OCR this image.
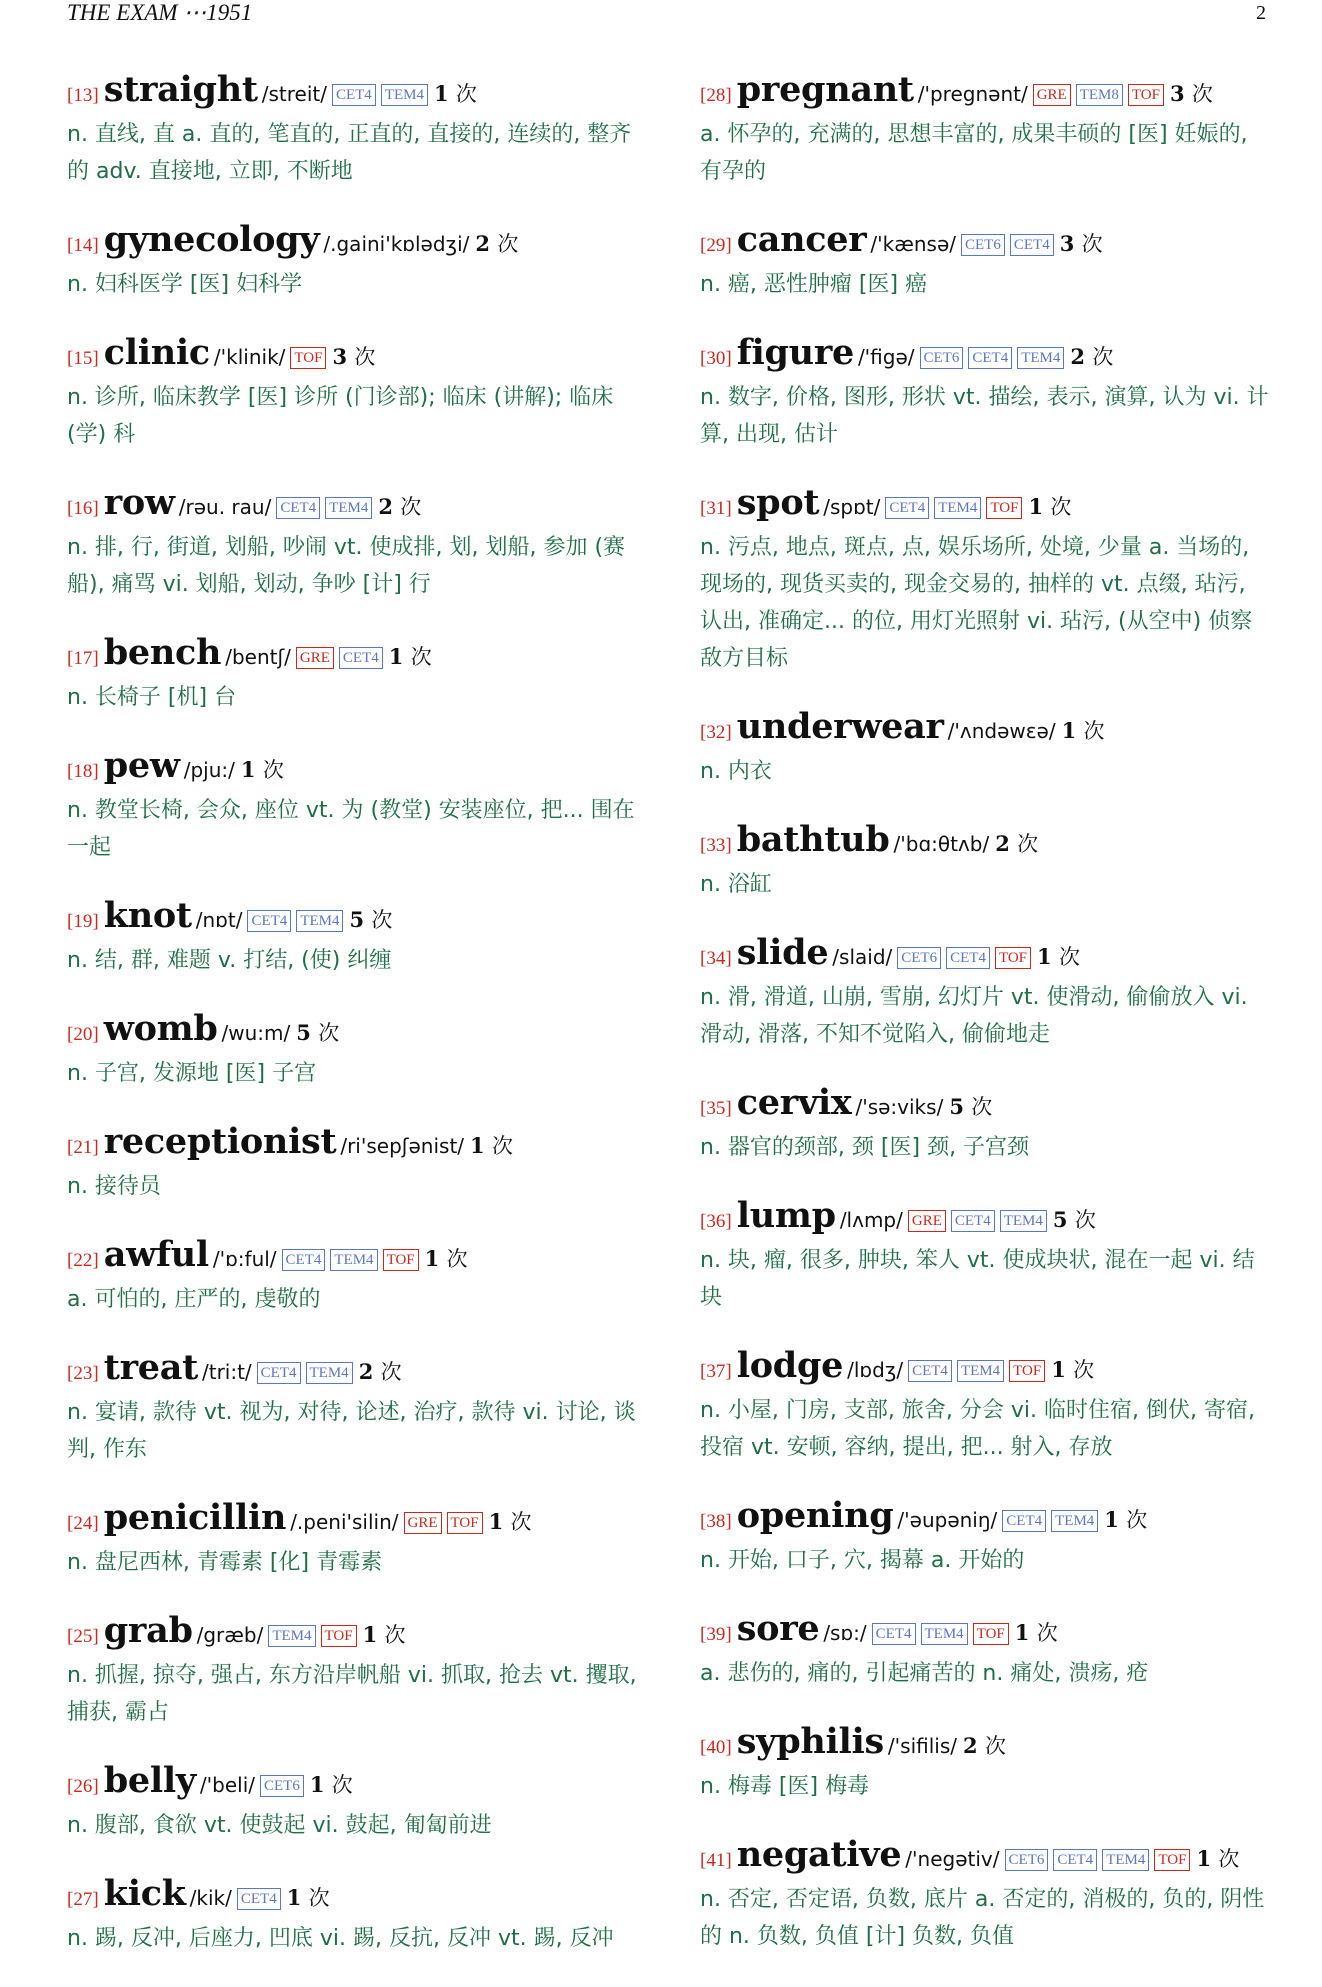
THE EXAM ⋯1951	2
[13] straight /streit/ CET4 TEM4 1 次
n. 直线, 直 a. 直的, 笔直的, 正直的, 直接的, 连续的, 整齐的 adv. 直接地, 立即, 不断地
[14] gynecology /.gaini'kɒlədʒi/ 2 次
n. 妇科医学 [医] 妇科学
[15] clinic /'klinik/ TOF 3 次
n. 诊所, 临床教学 [医] 诊所 (门诊部); 临床 (讲解); 临床 (学) 科
[16] row /rəu. rau/ CET4 TEM4 2 次
n. 排, 行, 街道, 划船, 吵闹 vt. 使成排, 划, 划船, 参加 (赛船), 痛骂 vi. 划船, 划动, 争吵 [计] 行
[17] bench /bentʃ/ GRE CET4 1 次
n. 长椅子 [机] 台
[18] pew /pju:/ 1 次
n. 教堂长椅, 会众, 座位 vt. 为 (教堂) 安装座位, 把... 围在一起
[19] knot /nɒt/ CET4 TEM4 5 次
n. 结, 群, 难题 v. 打结, (使) 纠缠
[20] womb /wu:m/ 5 次
n. 子宫, 发源地 [医] 子宫
[21] receptionist /ri'sepʃənist/ 1 次
n. 接待员
[22] awful /'ɒ:ful/ CET4 TEM4 TOF 1 次
a. 可怕的, 庄严的, 虔敬的
[23] treat /tri:t/ CET4 TEM4 2 次
n. 宴请, 款待 vt. 视为, 对待, 论述, 治疗, 款待 vi. 讨论, 谈判, 作东
[24] penicillin /.peni'silin/ GRE TOF 1 次
n. 盘尼西林, 青霉素 [化] 青霉素
[25] grab /græb/ TEM4 TOF 1 次
n. 抓握, 掠夺, 强占, 东方沿岸帆船 vi. 抓取, 抢去 vt. 攫取, 捕获, 霸占
[26] belly /'beli/ CET6 1 次
n. 腹部, 食欲 vt. 使鼓起 vi. 鼓起, 匍匐前进
[27] kick /kik/ CET4 1 次
n. 踢, 反冲, 后座力, 凹底 vi. 踢, 反抗, 反冲 vt. 踢, 反冲
[28] pregnant /'pregnənt/ GRE TEM8 TOF 3 次
a. 怀孕的, 充满的, 思想丰富的, 成果丰硕的 [医] 妊娠的, 有孕的
[29] cancer /'kænsə/ CET6 CET4 3 次
n. 癌, 恶性肿瘤 [医] 癌
[30] figure /'figə/ CET6 CET4 TEM4 2 次
n. 数字, 价格, 图形, 形状 vt. 描绘, 表示, 演算, 认为 vi. 计算, 出现, 估计
[31] spot /spɒt/ CET4 TEM4 TOF 1 次
n. 污点, 地点, 斑点, 点, 娱乐场所, 处境, 少量 a. 当场的, 现场的, 现货买卖的, 现金交易的, 抽样的 vt. 点缀, 玷污, 认出, 准确定... 的位, 用灯光照射 vi. 玷污, (从空中) 侦察敌方目标
[32] underwear /'ʌndəwɛə/ 1 次
n. 内衣
[33] bathtub /'bɑ:θtʌb/ 2 次
n. 浴缸
[34] slide /slaid/ CET6 CET4 TOF 1 次
n. 滑, 滑道, 山崩, 雪崩, 幻灯片 vt. 使滑动, 偷偷放入 vi. 滑动, 滑落, 不知不觉陷入, 偷偷地走
[35] cervix /'sə:viks/ 5 次
n. 器官的颈部, 颈 [医] 颈, 子宫颈
[36] lump /lʌmp/ GRE CET4 TEM4 5 次
n. 块, 瘤, 很多, 肿块, 笨人 vt. 使成块状, 混在一起 vi. 结块
[37] lodge /lɒdʒ/ CET4 TEM4 TOF 1 次
n. 小屋, 门房, 支部, 旅舍, 分会 vi. 临时住宿, 倒伏, 寄宿, 投宿 vt. 安顿, 容纳, 提出, 把... 射入, 存放
[38] opening /'əupəniŋ/ CET4 TEM4 1 次
n. 开始, 口子, 穴, 揭幕 a. 开始的
[39] sore /sɒ:/ CET4 TEM4 TOF 1 次
a. 悲伤的, 痛的, 引起痛苦的 n. 痛处, 溃疡, 疮
[40] syphilis /'sifilis/ 2 次
n. 梅毒 [医] 梅毒
[41] negative /'negətiv/ CET6 CET4 TEM4 TOF 1 次
n. 否定, 否定语, 负数, 底片 a. 否定的, 消极的, 负的, 阴性的 n. 负数, 负值 [计] 负数, 负值
